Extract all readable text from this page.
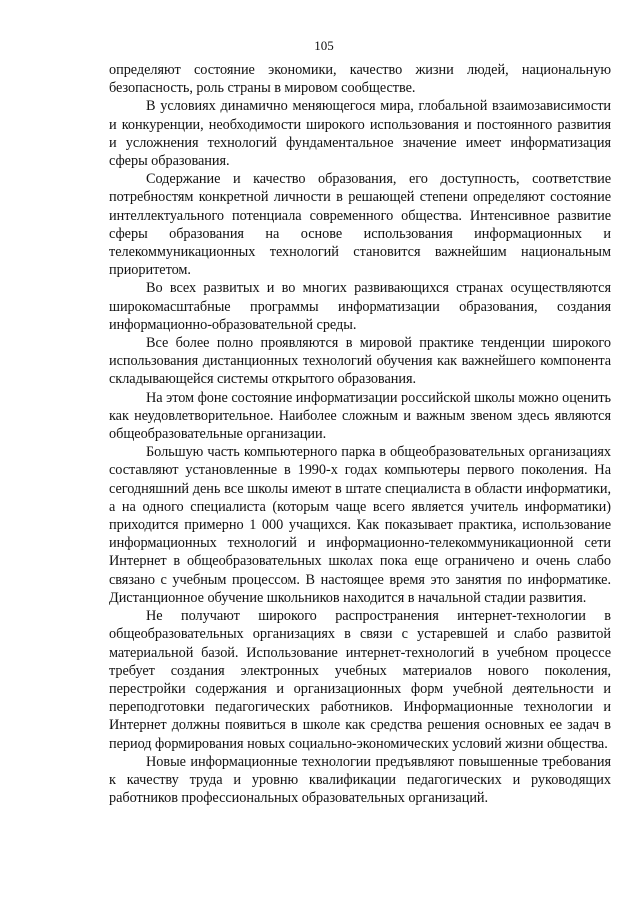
105

определяют состояние экономики, качество жизни людей, национальную безопасность, роль страны в мировом сообществе.

В условиях динамично меняющегося мира, глобальной взаимозависимости и конкуренции, необходимости широкого использования и постоянного развития и усложнения технологий фундаментальное значение имеет информатизация сферы образования.

Содержание и качество образования, его доступность, соответствие потребностям конкретной личности в решающей степени определяют состояние интеллектуального потенциала современного общества. Интенсивное развитие сферы образования на основе использования информационных и телекоммуникационных технологий становится важнейшим национальным приоритетом.

Во всех развитых и во многих развивающихся странах осуществляются широкомасштабные программы информатизации образования, создания информационно-образовательной среды.

Все более полно проявляются в мировой практике тенденции широкого использования дистанционных технологий обучения как важнейшего компонента складывающейся системы открытого образования.

На этом фоне состояние информатизации российской школы можно оценить как неудовлетворительное. Наиболее сложным и важным звеном здесь являются общеобразовательные организации.

Большую часть компьютерного парка в общеобразовательных организациях составляют установленные в 1990-х годах компьютеры первого поколения. На сегодняшний день все школы имеют в штате специалиста в области информатики, а на одного специалиста (которым чаще всего является учитель информатики) приходится примерно 1 000 учащихся. Как показывает практика, использование информационных технологий и информационно-телекоммуникационной сети Интернет в общеобразовательных школах пока еще ограничено и очень слабо связано с учебным процессом. В настоящее время это занятия по информатике. Дистанционное обучение школьников находится в начальной стадии развития.

Не получают широкого распространения интернет-технологии в общеобразовательных организациях в связи с устаревшей и слабо развитой материальной базой. Использование интернет-технологий в учебном процессе требует создания электронных учебных материалов нового поколения, перестройки содержания и организационных форм учебной деятельности и переподготовки педагогических работников. Информационные технологии и Интернет должны появиться в школе как средства решения основных ее задач в период формирования новых социально-экономических условий жизни общества.

Новые информационные технологии предъявляют повышенные требования к качеству труда и уровню квалификации педагогических и руководящих работников профессиональных образовательных организаций.
